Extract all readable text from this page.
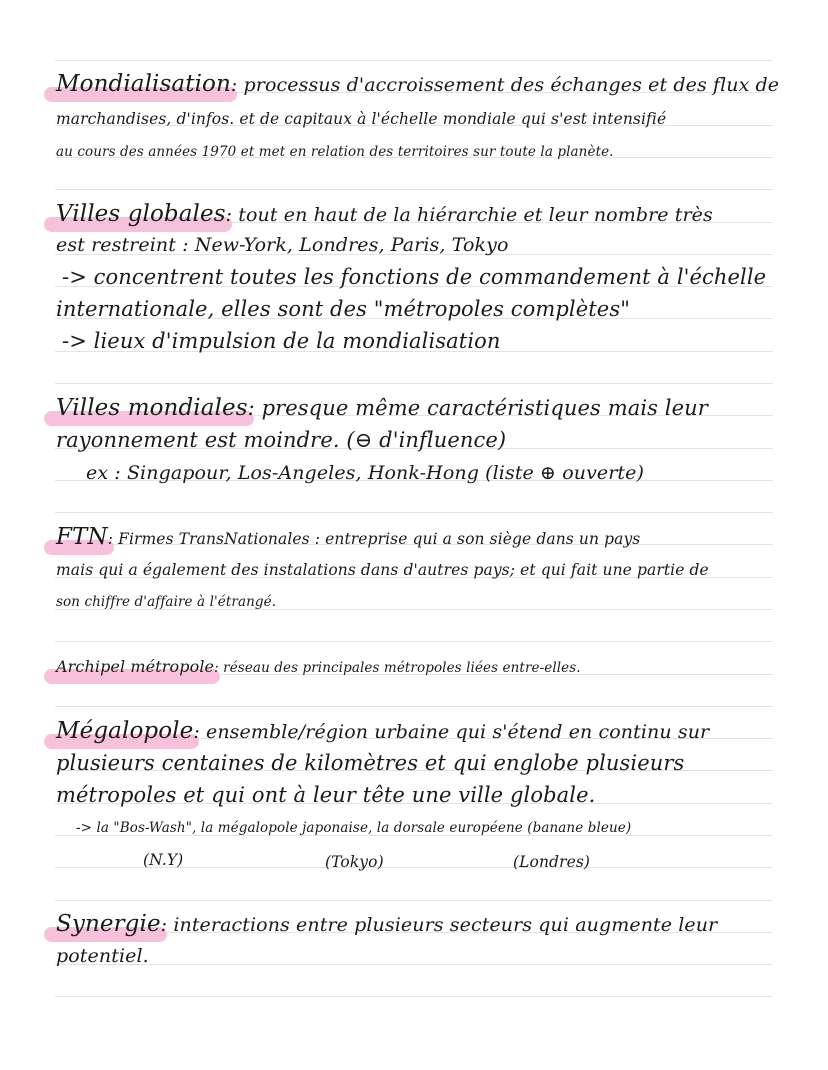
Mondialisation: processus d'accroissement des échanges et des flux de
marchandises, d'infos. et de capitaux à l'échelle mondiale qui s'est intensifié
au cours des années 1970 et met en relation des territoires sur toute la planète.
Villes globales: tout en haut de la hiérarchie et leur nombre très
est restreint : New-York, Londres, Paris, Tokyo
-> concentrent toutes les fonctions de commandement à l'échelle
internationale, elles sont des "métropoles complètes"
-> lieux d'impulsion de la mondialisation
Villes mondiales: presque même caractéristiques mais leur
rayonnement est moindre. (⊖ d'influence)
ex : Singapour, Los-Angeles, Honk-Hong (liste ⊕ ouverte)
FTN: Firmes TransNationales : entreprise qui a son siège dans un pays
mais qui a également des instalations dans d'autres pays; et qui fait une partie de
son chiffre d'affaire à l'étrangé.
Archipel métropole: réseau des principales métropoles liées entre-elles.
Mégalopole: ensemble/région urbaine qui s'étend en continu sur
plusieurs centaines de kilomètres et qui englobe plusieurs
métropoles et qui ont à leur tête une ville globale.
-> la "Bos-Wash", la mégalopole japonaise, la dorsale européene (banane bleue)
(N.Y)	(Tokyo)	(Londres)
Synergie: interactions entre plusieurs secteurs qui augmente leur
potentiel.
